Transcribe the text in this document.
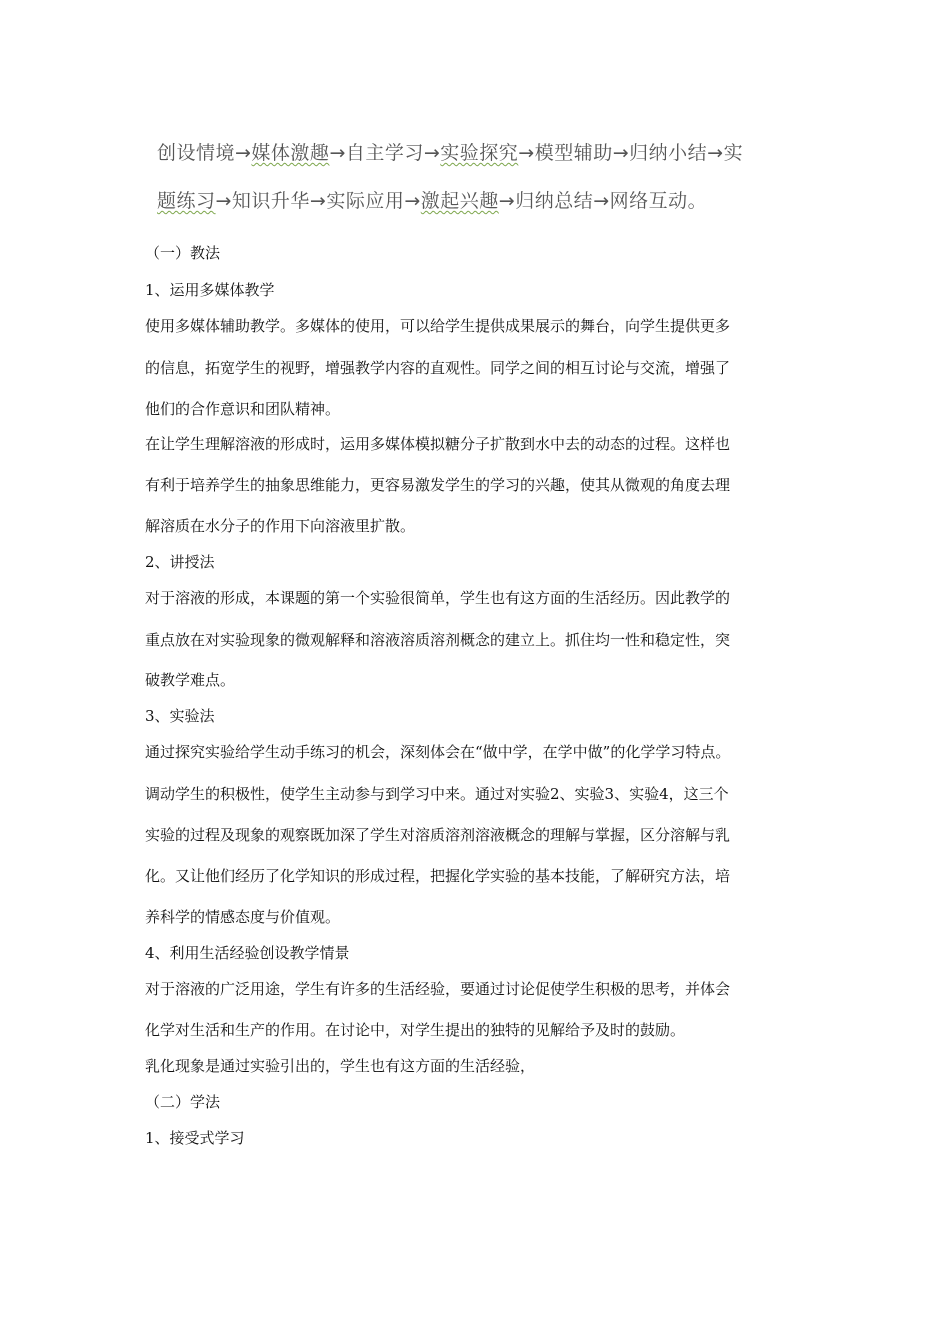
创设情境→媒体激趣→自主学习→实验探究→模型辅助→归纳小结→实
题练习→知识升华→实际应用→激起兴趣→归纳总结→网络互动。
（一）教法
1、运用多媒体教学
使用多媒体辅助教学。多媒体的使用，可以给学生提供成果展示的舞台，向学生提供更多
的信息，拓宽学生的视野，增强教学内容的直观性。同学之间的相互讨论与交流，增强了
他们的合作意识和团队精神。
在让学生理解溶液的形成时，运用多媒体模拟糖分子扩散到水中去的动态的过程。这样也
有利于培养学生的抽象思维能力，更容易激发学生的学习的兴趣，使其从微观的角度去理
解溶质在水分子的作用下向溶液里扩散。
2、讲授法
对于溶液的形成，本课题的第一个实验很简单，学生也有这方面的生活经历。因此教学的
重点放在对实验现象的微观解释和溶液溶质溶剂概念的建立上。抓住均一性和稳定性，突
破教学难点。
3、实验法
通过探究实验给学生动手练习的机会，深刻体会在“做中学，在学中做”的化学学习特点。
调动学生的积极性，使学生主动参与到学习中来。通过对实验2、实验3、实验4，这三个
实验的过程及现象的观察既加深了学生对溶质溶剂溶液概念的理解与掌握，区分溶解与乳
化。又让他们经历了化学知识的形成过程，把握化学实验的基本技能，了解研究方法，培
养科学的情感态度与价值观。
4、利用生活经验创设教学情景
对于溶液的广泛用途，学生有许多的生活经验，要通过讨论促使学生积极的思考，并体会
化学对生活和生产的作用。在讨论中，对学生提出的独特的见解给予及时的鼓励。
乳化现象是通过实验引出的，学生也有这方面的生活经验，
（二）学法
1、接受式学习
